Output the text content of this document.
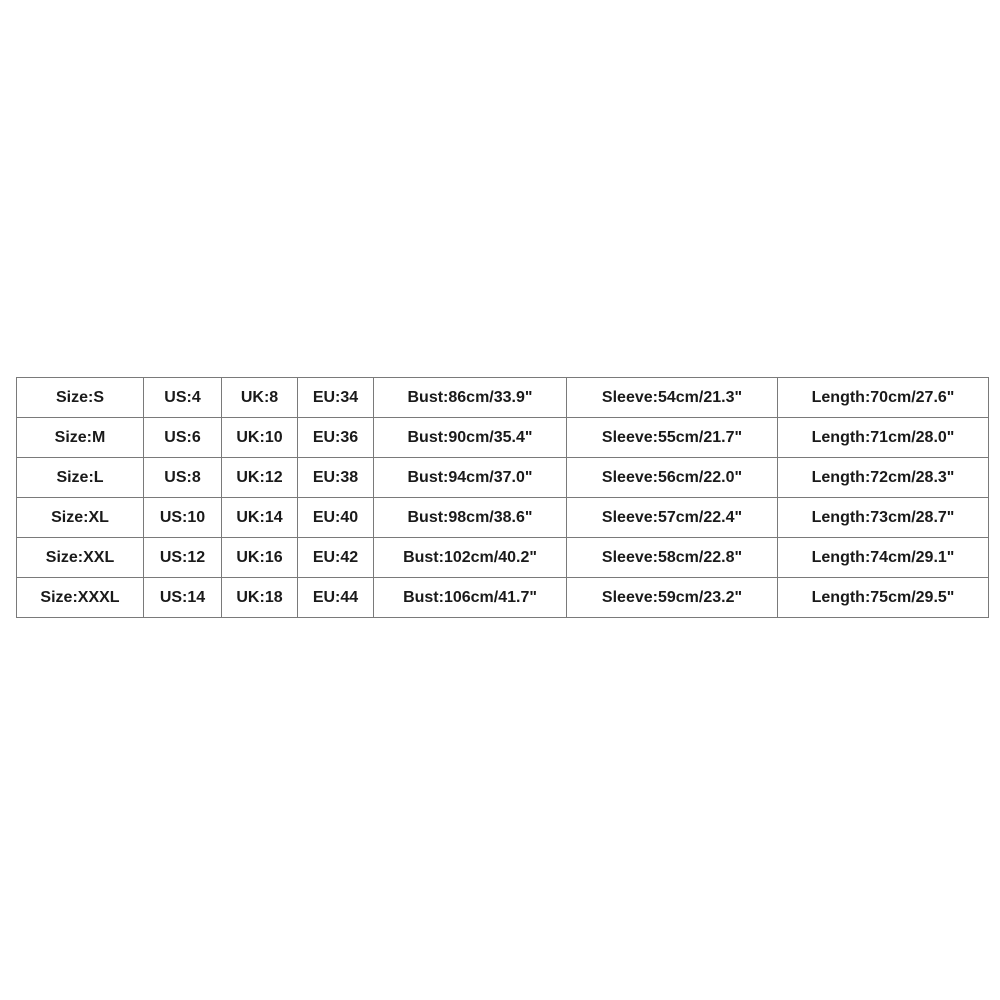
Size:S	US:4	UK:8	EU:34	Bust:86cm/33.9"	Sleeve:54cm/21.3"	Length:70cm/27.6"
Size:M	US:6	UK:10	EU:36	Bust:90cm/35.4"	Sleeve:55cm/21.7"	Length:71cm/28.0"
Size:L	US:8	UK:12	EU:38	Bust:94cm/37.0"	Sleeve:56cm/22.0"	Length:72cm/28.3"
Size:XL	US:10	UK:14	EU:40	Bust:98cm/38.6"	Sleeve:57cm/22.4"	Length:73cm/28.7"
Size:XXL	US:12	UK:16	EU:42	Bust:102cm/40.2"	Sleeve:58cm/22.8"	Length:74cm/29.1"
Size:XXXL	US:14	UK:18	EU:44	Bust:106cm/41.7"	Sleeve:59cm/23.2"	Length:75cm/29.5"
